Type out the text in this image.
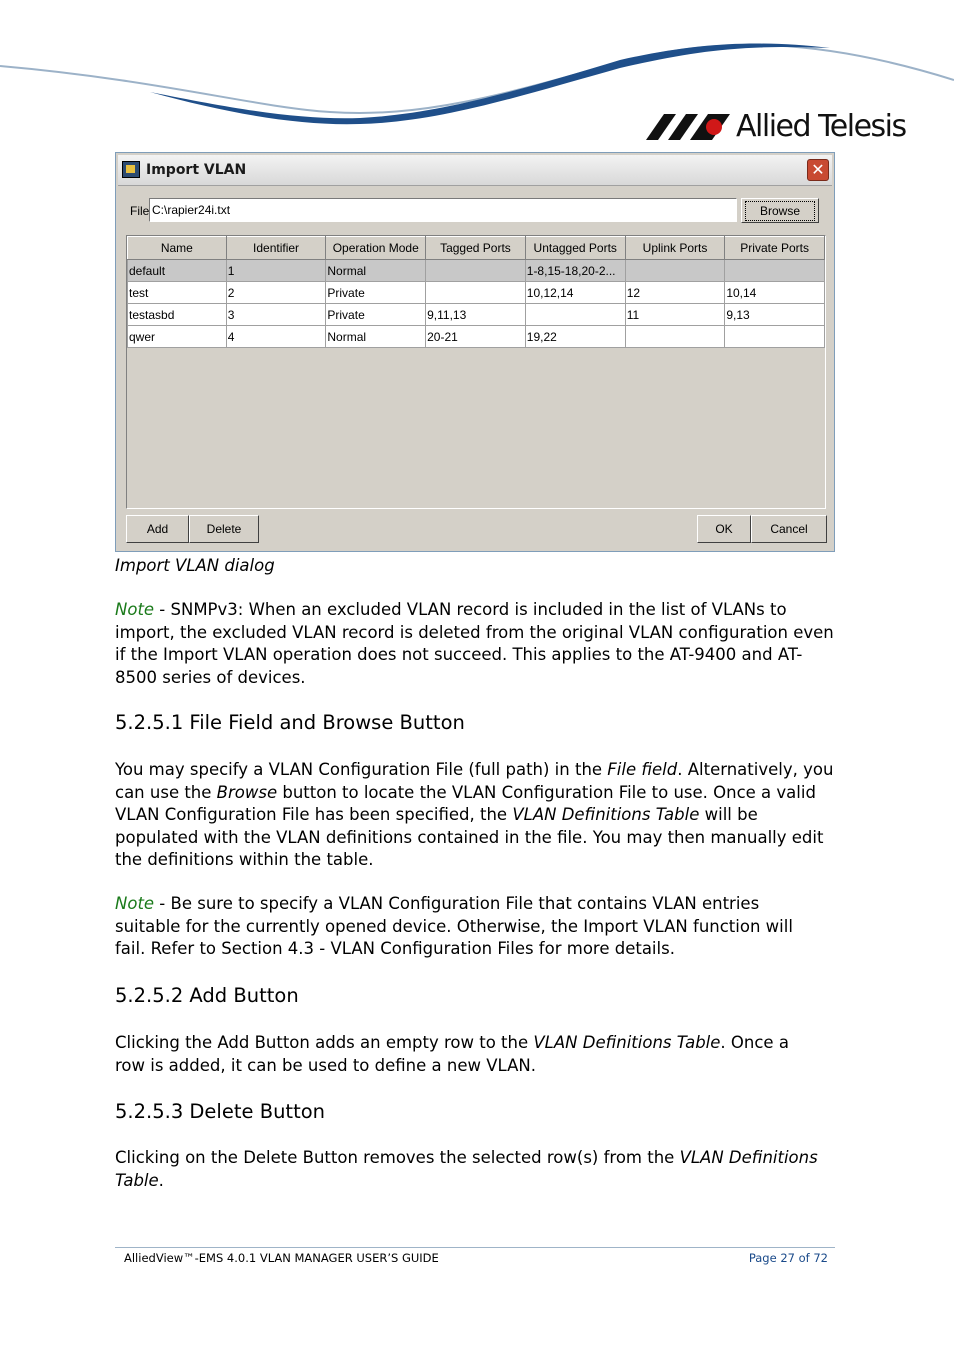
Allied Telesis
Import VLAN	✕
File
C:\rapier24i.txt	Browse
Name	Identifier	Operation Mode	Tagged Ports	Untagged Ports	Uplink Ports	Private Ports
default	1	Normal		1-8,15-18,20-2...		
test	2	Private		10,12,14	12	10,14
testasbd	3	Private	9,11,13		11	9,13
qwer	4	Normal	20-21	19,22		
Add	Delete	OK	Cancel
Import VLAN dialog

Note - SNMPv3: When an excluded VLAN record is included in the list of VLANs to import, the excluded VLAN record is deleted from the original VLAN configuration even if the Import VLAN operation does not succeed. This applies to the AT-9400 and AT-8500 series of devices.

5.2.5.1 File Field and Browse Button

You may specify a VLAN Configuration File (full path) in the File field. Alternatively, you can use the Browse button to locate the VLAN Configuration File to use. Once a valid VLAN Configuration File has been specified, the VLAN Definitions Table will be populated with the VLAN definitions contained in the file. You may then manually edit the definitions within the table.

Note - Be sure to specify a VLAN Configuration File that contains VLAN entries suitable for the currently opened device. Otherwise, the Import VLAN function will fail. Refer to Section 4.3 - VLAN Configuration Files for more details.

5.2.5.2 Add Button

Clicking the Add Button adds an empty row to the VLAN Definitions Table. Once a row is added, it can be used to define a new VLAN.

5.2.5.3 Delete Button

Clicking on the Delete Button removes the selected row(s) from the VLAN Definitions Table.

AlliedView™-EMS 4.0.1 VLAN MANAGER USER’S GUIDE	Page 27 of 72
